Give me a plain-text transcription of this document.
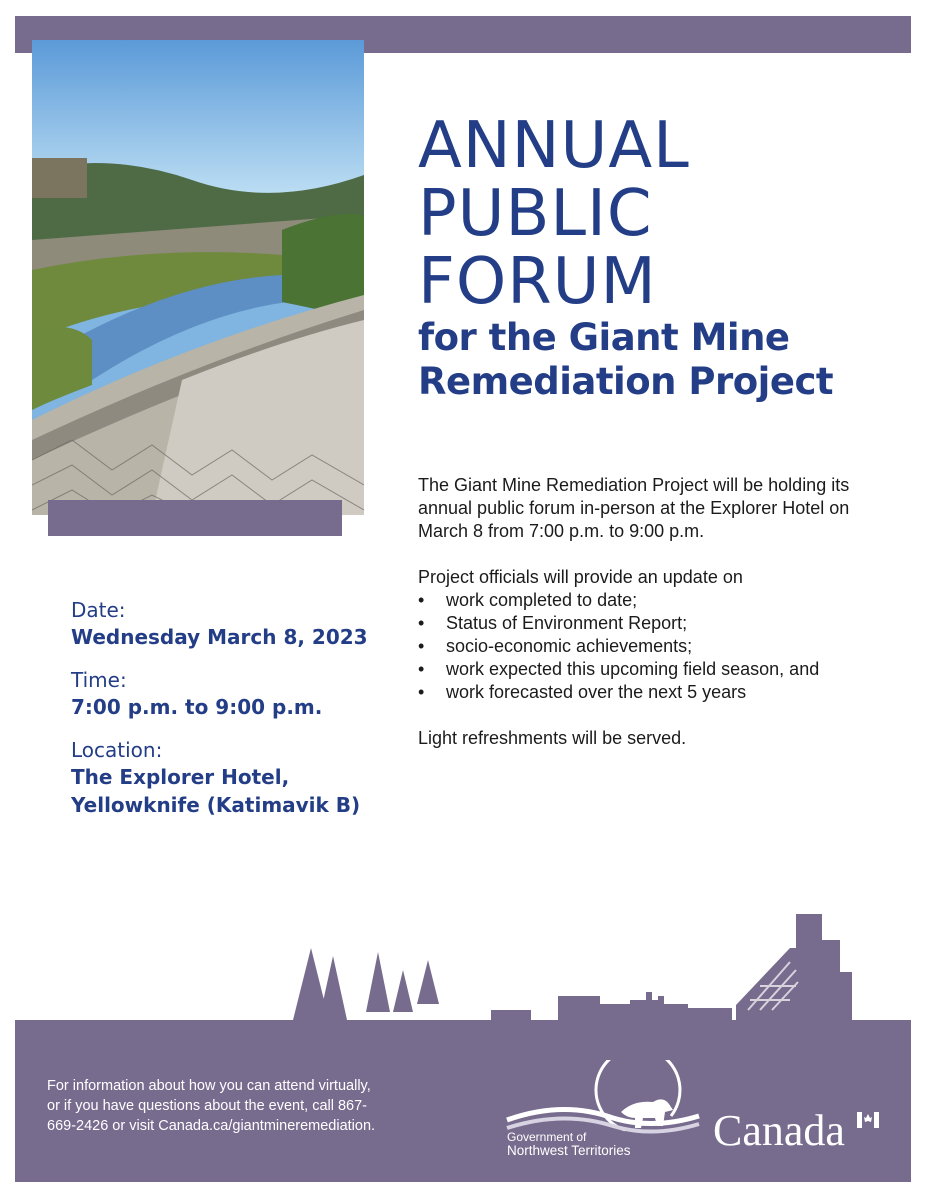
ANNUAL
PUBLIC
FORUM
for the Giant Mine
Remediation Project

The Giant Mine Remediation Project will be holding its annual public forum in-person at the Explorer Hotel on March 8 from 7:00 p.m. to 9:00 p.m.

Project officials will provide an update on

• work completed to date;
• Status of Environment Report;
• socio-economic achievements;
• work expected this upcoming field season, and
• work forecasted over the next 5 years

Light refreshments will be served.

Date:
Wednesday March 8, 2023
Time:
7:00 p.m. to 9:00 p.m.
Location:
The Explorer Hotel,
Yellowknife (Katimavik B)
For information about how you can attend virtually, or if you have questions about the event, call 867-669-2426 or visit Canada.ca/giantmineremediation.
Government of
Northwest Territories Canada
